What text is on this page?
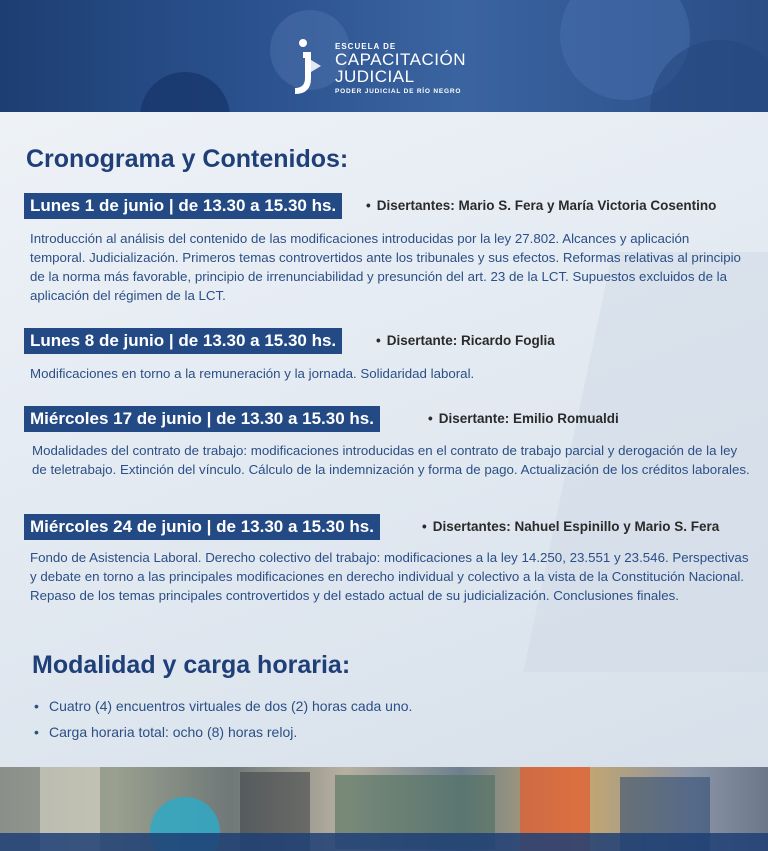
ESCUELA DE
CAPACITACIÓN
JUDICIAL
PODER JUDICIAL DE RÍO NEGRO
Cronograma y Contenidos:
Lunes 1 de junio | de 13.30 a 15.30 hs.	• Disertantes: Mario S. Fera y María Victoria Cosentino

Introducción al análisis del contenido de las modificaciones introducidas por la ley 27.802. Alcances y aplicación temporal. Judicialización. Primeros temas controvertidos ante los tribunales y sus efectos. Reformas relativas al principio de la norma más favorable, principio de irrenunciabilidad y presunción del art. 23 de la LCT. Supuestos excluidos de la aplicación del régimen de la LCT.

Lunes 8 de junio | de 13.30 a 15.30 hs.	• Disertante: Ricardo Foglia

Modificaciones en torno a la remuneración y la jornada. Solidaridad laboral.

Miércoles 17 de junio | de 13.30 a 15.30 hs.	• Disertante: Emilio Romualdi

Modalidades del contrato de trabajo: modificaciones introducidas en el contrato de trabajo parcial y derogación de la ley de teletrabajo. Extinción del vínculo. Cálculo de la indemnización y forma de pago. Actualización de los créditos laborales.

Miércoles 24 de junio | de 13.30 a 15.30 hs.	• Disertantes: Nahuel Espinillo y Mario S. Fera

Fondo de Asistencia Laboral. Derecho colectivo del trabajo: modificaciones a la ley 14.250, 23.551 y 23.546. Perspectivas y debate en torno a las principales modificaciones en derecho individual y colectivo a la vista de la Constitución Nacional. Repaso de los temas principales controvertidos y del estado actual de su judicialización. Conclusiones finales.

Modalidad y carga horaria:
• Cuatro (4) encuentros virtuales de dos (2) horas cada uno.
• Carga horaria total: ocho (8) horas reloj.
